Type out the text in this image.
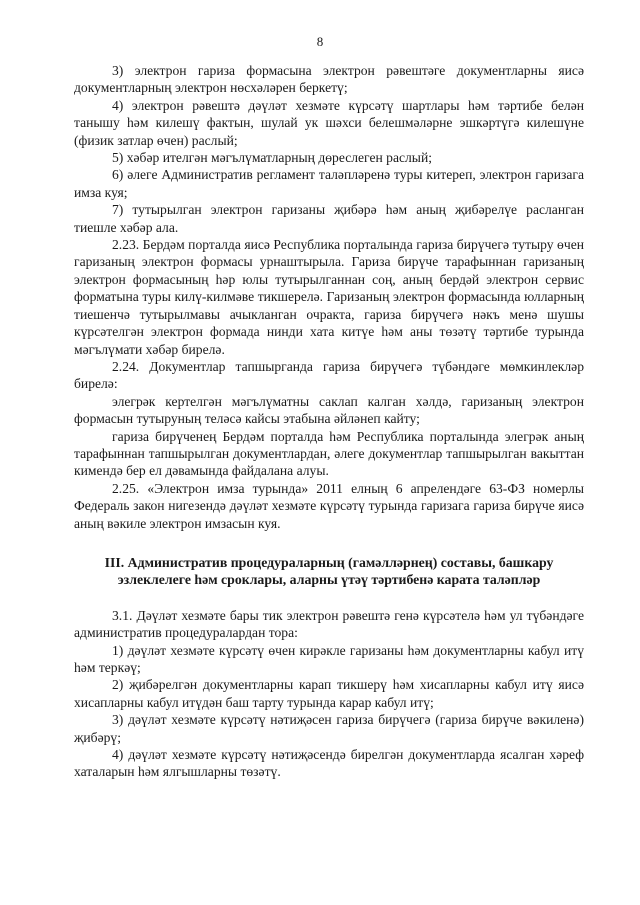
8

3) электрон гариза формасына электрон рәвештәге документларны яисә документларның электрон нөсхәләрен беркетү;

4) электрон рәвештә дәүләт хезмәте күрсәтү шартлары һәм тәртибе белән танышу һәм килешү фактын, шулай ук шәхси белешмәләрне эшкәртүгә килешүне (физик затлар өчен) раслый;

5) хәбәр ителгән мәгълүматларның дөреслеген раслый;

6) әлеге Административ регламент таләпләренә туры китереп, электрон гаризага имза куя;

7) тутырылган электрон гаризаны җибәрә һәм аның җибәрелүе расланган тиешле хәбәр ала.

2.23. Бердәм порталда яисә Республика порталында гариза бирүчегә тутыру өчен гаризаның электрон формасы урнаштырыла. Гариза бирүче тарафыннан гаризаның электрон формасының һәр юлы тутырылганнан соң, аның бердәй электрон сервис форматына туры килү-килмәве тикшерелә. Гаризаның электрон формасында юлларның тиешенчә тутырылмавы ачыкланган очракта, гариза бирүчегә нәкъ менә шушы күрсәтелгән электрон формада нинди хата китүе һәм аны төзәтү тәртибе турында мәгълүмати хәбәр бирелә.

2.24. Документлар тапшырганда гариза бирүчегә түбәндәге мөмкинлекләр бирелә:

элегрәк кертелгән мәгълүматны саклап калган хәлдә, гаризаның электрон формасын тутыруның теләсә кайсы этабына әйләнеп кайту;

гариза бирүченең Бердәм порталда һәм Республика порталында элегрәк аның тарафыннан тапшырылган документлардан, әлеге документлар тапшырылган вакыттан кимендә бер ел дәвамында файдалана алуы.

2.25. «Электрон имза турында» 2011 елның 6 апрелендәге 63-ФЗ номерлы Федераль закон нигезендә дәүләт хезмәте күрсәтү турында гаризага гариза бирүче яисә аның вәкиле электрон имзасын куя.

III. Административ процедураларның (гамәлләрнең) составы, башкару эзлеклелеге һәм сроклары, аларны үтәү тәртибенә карата таләпләр

3.1. Дәүләт хезмәте бары тик электрон рәвештә генә күрсәтелә һәм ул түбәндәге административ процедуралардан тора:

1) дәүләт хезмәте күрсәтү өчен кирәкле гаризаны һәм документларны кабул итү һәм теркәү;

2) җибәрелгән документларны карап тикшерү һәм хисапларны кабул итү яисә хисапларны кабул итүдән баш тарту турында карар кабул итү;

3) дәүләт хезмәте күрсәтү нәтиҗәсен гариза бирүчегә (гариза бирүче вәкиленә) җибәрү;

4) дәүләт хезмәте күрсәтү нәтиҗәсендә бирелгән документларда ясалган хәреф хаталарын һәм ялгышларны төзәтү.
